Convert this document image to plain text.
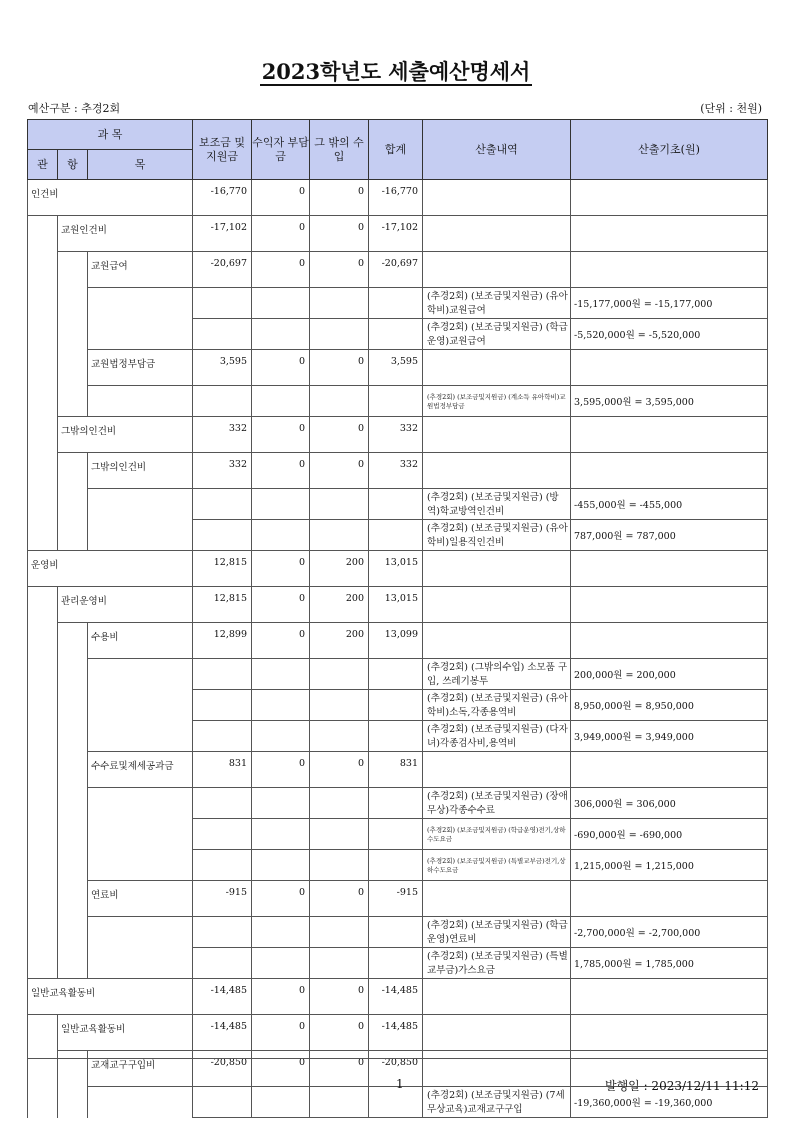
2023학년도 세출예산명세서
예산구분 : 추경2회	(단위 : 천원)
과 목			보조금 및 지원금	수익자 부담금	그 밖의 수입	합계	산출내역	산출기초(원)
관	항	목						
인건비			-16,770	0	0	-16,770		
	교원인건비		-17,102	0	0	-17,102		
		교원급여	-20,697	0	0	-20,697		
							(추경2회) (보조금및지원금) (유아학비)교원급여	-15,177,000원 = -15,177,000
							(추경2회) (보조금및지원금) (학급운영)교원급여	-5,520,000원 = -5,520,000
		교원법정부담금	3,595	0	0	3,595		
							(추경2회) (보조금및지원금) (계소득 유아학비)교원법정부담금	3,595,000원 = 3,595,000
	그밖의인건비		332	0	0	332		
		그밖의인건비	332	0	0	332		
							(추경2회) (보조금및지원금) (방역)학교방역인건비	-455,000원 = -455,000
							(추경2회) (보조금및지원금) (유아학비)일용직인건비	787,000원 = 787,000
운영비			12,815	0	200	13,015		
	관리운영비		12,815	0	200	13,015		
		수용비	12,899	0	200	13,099		
							(추경2회) (그밖의수입) 소모품 구입, 쓰레기봉투	200,000원 = 200,000
							(추경2회) (보조금및지원금) (유아학비)소독,각종용역비	8,950,000원 = 8,950,000
							(추경2회) (보조금및지원금) (다자녀)각종검사비,용역비	3,949,000원 = 3,949,000
		수수료및제세공과금	831	0	0	831		
							(추경2회) (보조금및지원금) (장애무상)각종수수료	306,000원 = 306,000
							(추경2회) (보조금및지원금) (학급운영)전기,상하수도요금	-690,000원 = -690,000
							(추경2회) (보조금및지원금) (특별교부금)전기,상하수도요금	1,215,000원 = 1,215,000
		연료비	-915	0	0	-915		
							(추경2회) (보조금및지원금) (학급운영)연료비	-2,700,000원 = -2,700,000
							(추경2회) (보조금및지원금) (특별교부금)가스요금	1,785,000원 = 1,785,000
일반교육활동비			-14,485	0	0	-14,485		
	일반교육활동비		-14,485	0	0	-14,485		
		교재교구구입비	-20,850	0	0	-20,850		
							(추경2회) (보조금및지원금) (7세무상교육)교재교구구입	-19,360,000원 = -19,360,000
1	발행일 : 2023/12/11 11:12
